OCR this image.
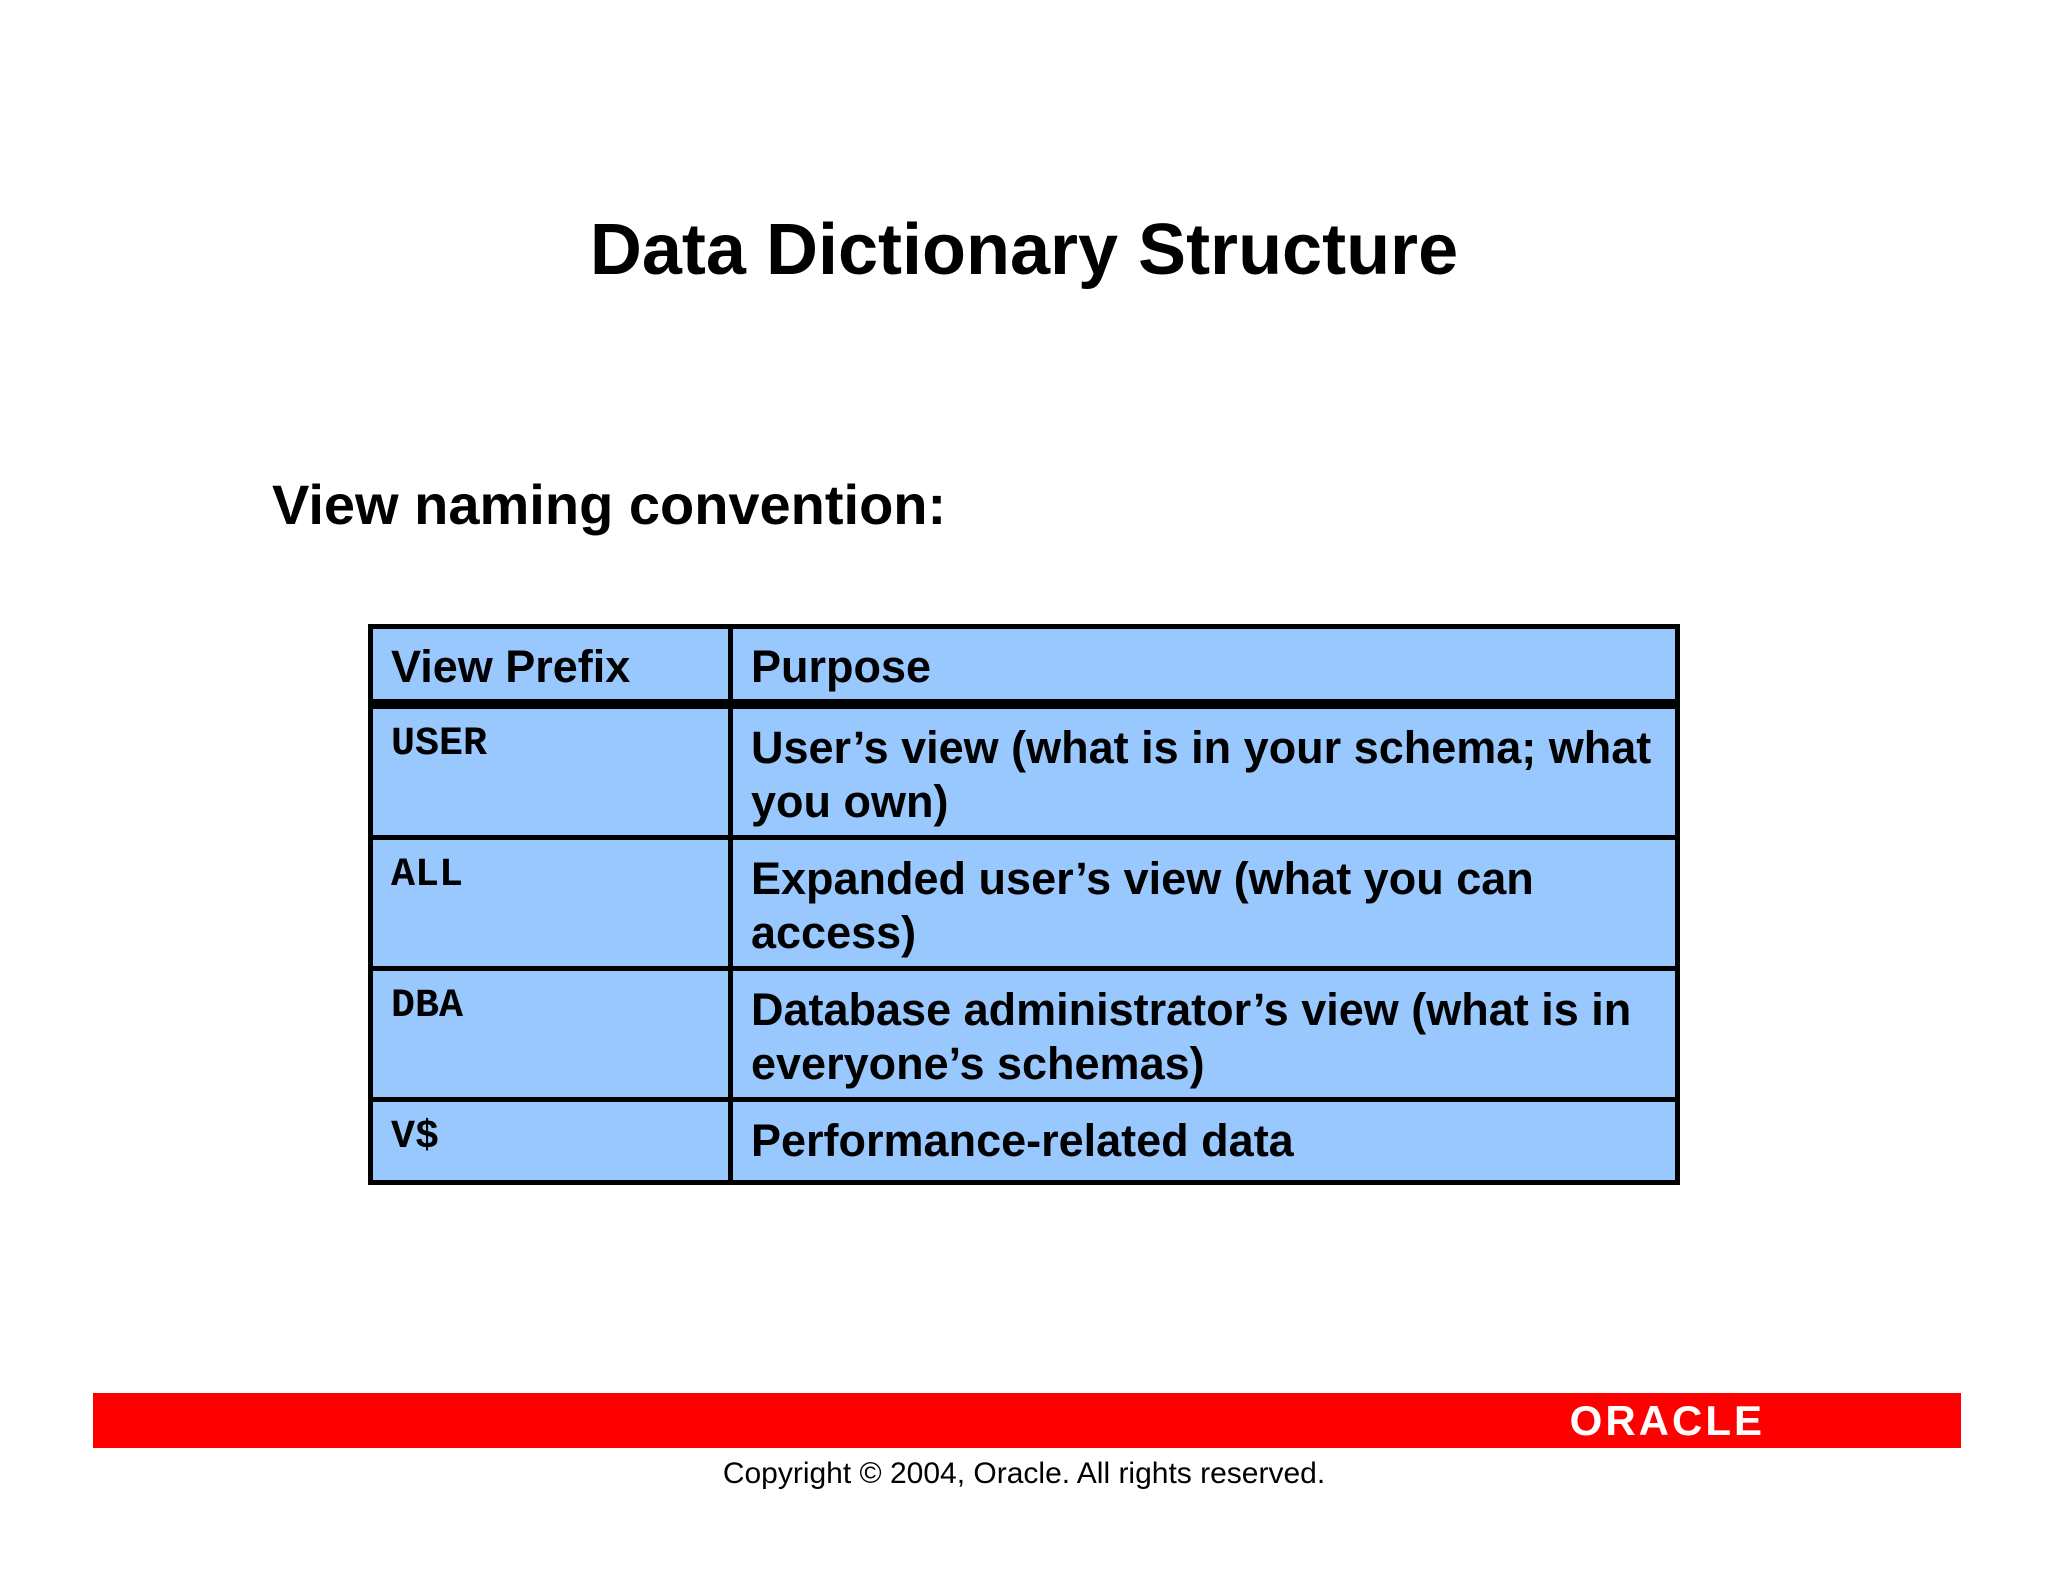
Data Dictionary Structure
View naming convention:
View Prefix	Purpose
USER	User’s view (what is in your schema; what you own)
ALL	Expanded user’s view (what you can access)
DBA	Database administrator’s view (what is in everyone’s schemas)
V$	Performance-related data
ORACLE
Copyright © 2004, Oracle. All rights reserved.
